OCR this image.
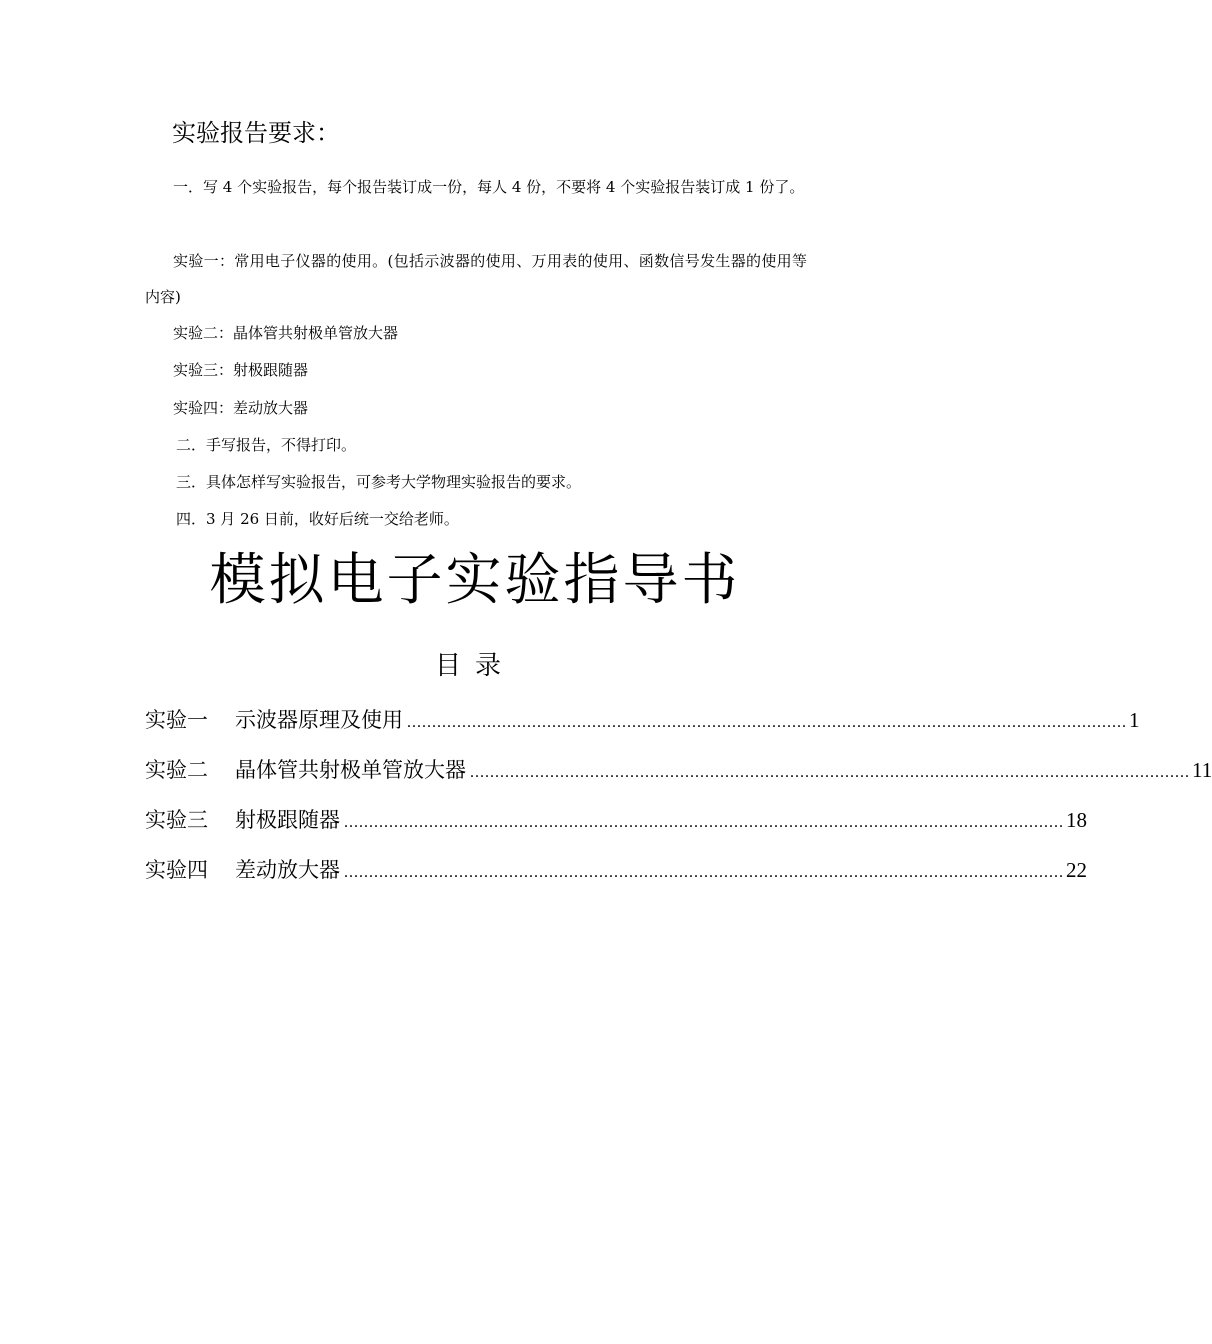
实验报告要求：
一．写 4 个实验报告，每个报告装订成一份，每人 4 份，不要将 4 个实验报告装订成 1 份了。
实验一：常用电子仪器的使用。(包括示波器的使用、万用表的使用、函数信号发生器的使用等内容)
实验二：晶体管共射极单管放大器
实验三：射极跟随器
实验四：差动放大器
二．手写报告，不得打印。
三．具体怎样写实验报告，可参考大学物理实验报告的要求。
四．3 月 26 日前，收好后统一交给老师。
模拟电子实验指导书
目录
实验一	示波器原理及使用 ................................................................................................................................................ 1
实验二	晶体管共射极单管放大器 ................................................................................................................................................ 11
实验三	射极跟随器 ................................................................................................................................................ 18
实验四	差动放大器 ................................................................................................................................................ 22
